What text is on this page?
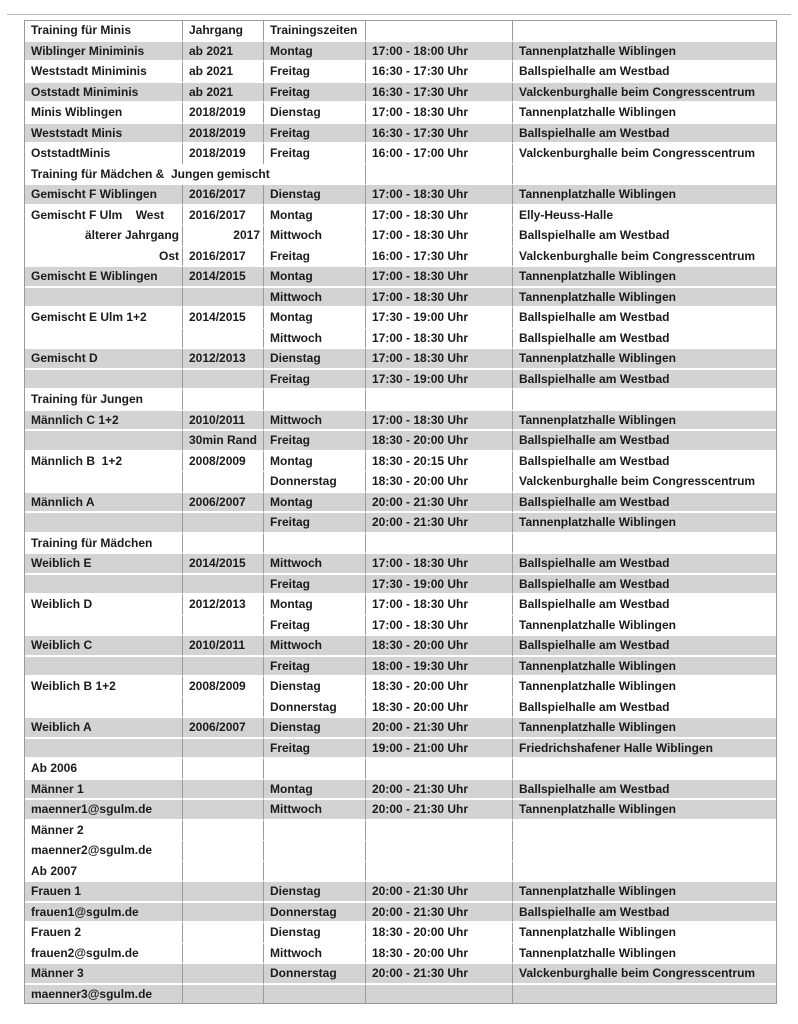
Training für Minis	Jahrgang	Trainingszeiten		
Wiblinger Miniminis	ab 2021	Montag	17:00 - 18:00 Uhr	Tannenplatzhalle Wiblingen
Weststadt Miniminis	ab 2021	Freitag	16:30 - 17:30 Uhr	Ballspielhalle am Westbad
Oststadt Miniminis	ab 2021	Freitag	16:30 - 17:30 Uhr	Valckenburghalle beim Congresscentrum
Minis Wiblingen	2018/2019	Dienstag	17:00 - 18:30 Uhr	Tannenplatzhalle Wiblingen
Weststadt Minis	2018/2019	Freitag	16:30 - 17:30 Uhr	Ballspielhalle am Westbad
OststadtMinis	2018/2019	Freitag	16:00 - 17:00 Uhr	Valckenburghalle beim Congresscentrum
Training für Mädchen &  Jungen gemischt				
Gemischt F Wiblingen	2016/2017	Dienstag	17:00 - 18:30 Uhr	Tannenplatzhalle Wiblingen
Gemischt F Ulm    West	2016/2017	Montag	17:00 - 18:30 Uhr	Elly-Heuss-Halle
älterer Jahrgang	2017	Mittwoch	17:00 - 18:30 Uhr	Ballspielhalle am Westbad
Ost	2016/2017	Freitag	16:00 - 17:30 Uhr	Valckenburghalle beim Congresscentrum
Gemischt E Wiblingen	2014/2015	Montag	17:00 - 18:30 Uhr	Tannenplatzhalle Wiblingen
		Mittwoch	17:00 - 18:30 Uhr	Tannenplatzhalle Wiblingen
Gemischt E Ulm 1+2	2014/2015	Montag	17:30 - 19:00 Uhr	Ballspielhalle am Westbad
		Mittwoch	17:00 - 18:30 Uhr	Ballspielhalle am Westbad
Gemischt D	2012/2013	Dienstag	17:00 - 18:30 Uhr	Tannenplatzhalle Wiblingen
		Freitag	17:30 - 19:00 Uhr	Ballspielhalle am Westbad
Training für Jungen				
Männlich C 1+2	2010/2011	Mittwoch	17:00 - 18:30 Uhr	Tannenplatzhalle Wiblingen
	30min Rand	Freitag	18:30 - 20:00 Uhr	Ballspielhalle am Westbad
Männlich B  1+2	2008/2009	Montag	18:30 - 20:15 Uhr	Ballspielhalle am Westbad
		Donnerstag	18:30 - 20:00 Uhr	Valckenburghalle beim Congresscentrum
Männlich A	2006/2007	Montag	20:00 - 21:30 Uhr	Ballspielhalle am Westbad
		Freitag	20:00 - 21:30 Uhr	Tannenplatzhalle Wiblingen
Training für Mädchen				
Weiblich E	2014/2015	Mittwoch	17:00 - 18:30 Uhr	Ballspielhalle am Westbad
		Freitag	17:30 - 19:00 Uhr	Ballspielhalle am Westbad
Weiblich D	2012/2013	Montag	17:00 - 18:30 Uhr	Ballspielhalle am Westbad
		Freitag	17:00 - 18:30 Uhr	Tannenplatzhalle Wiblingen
Weiblich C	2010/2011	Mittwoch	18:30 - 20:00 Uhr	Ballspielhalle am Westbad
		Freitag	18:00 - 19:30 Uhr	Tannenplatzhalle Wiblingen
Weiblich B 1+2	2008/2009	Dienstag	18:30 - 20:00 Uhr	Tannenplatzhalle Wiblingen
		Donnerstag	18:30 - 20:00 Uhr	Ballspielhalle am Westbad
Weiblich A	2006/2007	Dienstag	20:00 - 21:30 Uhr	Tannenplatzhalle Wiblingen
		Freitag	19:00 - 21:00 Uhr	Friedrichshafener Halle Wiblingen
Ab 2006				
Männer 1		Montag	20:00 - 21:30 Uhr	Ballspielhalle am Westbad
maenner1@sgulm.de		Mittwoch	20:00 - 21:30 Uhr	Tannenplatzhalle Wiblingen
Männer 2				
maenner2@sgulm.de				
Ab 2007				
Frauen 1		Dienstag	20:00 - 21:30 Uhr	Tannenplatzhalle Wiblingen
frauen1@sgulm.de		Donnerstag	20:00 - 21:30 Uhr	Ballspielhalle am Westbad
Frauen 2		Dienstag	18:30 - 20:00 Uhr	Tannenplatzhalle Wiblingen
frauen2@sgulm.de		Mittwoch	18:30 - 20:00 Uhr	Tannenplatzhalle Wiblingen
Männer 3		Donnerstag	20:00 - 21:30 Uhr	Valckenburghalle beim Congresscentrum
maenner3@sgulm.de				
